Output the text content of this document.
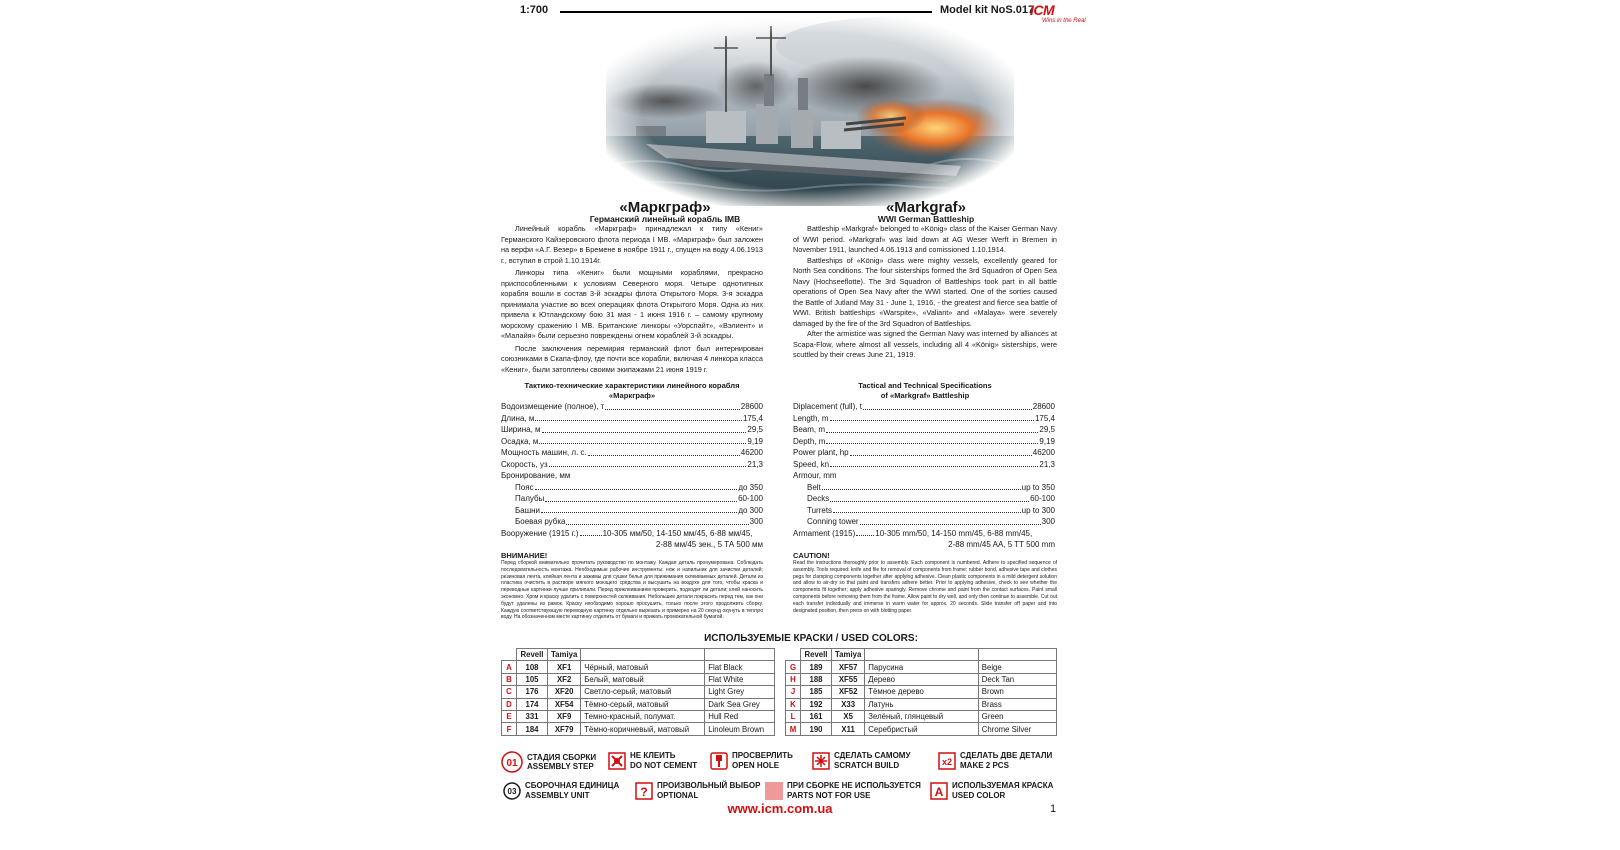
1:700	Model kit NoS.017
ICM
Wins in the Real
«Маркграф»
Германский линейный корабль IМВ

Линейный корабль «Маркграф» принадлежал к типу «Кениг» Германского Кайзеровского флота периода I МВ. «Маркграф» был заложен на верфи «А.Г. Везер» в Бремене в ноябре 1911 г., спущен на воду 4.06.1913 г., вступил в строй 1.10.1914г.

Линкоры типа «Кениг» были мощными кораблями, прекрасно приспособленными к условиям Северного моря. Четыре однотипных корабля вошли в состав 3-й эскадры флота Открытого Моря. 3-я эскадра принимала участие во всех операциях флота Открытого Моря. Одна из них привела к Ютландскому бою 31 мая - 1 июня 1916 г. – самому крупному морскому сражению I МВ. Британские линкоры «Уорспайт», «Вэлиент» и «Малайя» были серьезно повреждены огнем кораблей 3-й эскадры.

После заключения перемирия германский флот был интернирован союзниками в Скапа-флоу, где почти все корабли, включая 4 линкора класса «Кениг», были затоплены своими экипажами 21 июня 1919 г.

Тактико-технические характеристики линейного корабля
«Маркграф»
Водоизмещение (полное), т	28600
Длина, м	175,4
Ширина, м	29,5
Осадка, м	9,19
Мощность машин, л. с.	46200
Скорость, уз	21,3
Бронирование, мм
Пояс	до 350
Палубы	60-100
Башни	до 300
Боевая рубка	300
Вооружение (1915 г.)	10-305 мм/50, 14-150 мм/45, 6-88 мм/45,
2-88 мм/45 зен., 5 ТА 500 мм
ВНИМАНИЕ!
Перед сборкой внимательно прочитать руководство по монтажу. Каждая деталь пронумерована. Соблюдать последовательность монтажа. Необходимые рабочие инструменты: нож и напильник для зачистки деталей; резиновая лента, клейкая лента и зажимы для сушки белья для прижимания склеиваемых деталей. Детали из пластика очистить в растворе мягкого моющего средства и высушить на воздухе для того, чтобы краска и переводные картинки лучше прилипали. Перед приклеиванием проверить, подходят ли детали; клей наносить экономно. Хром и краску удалить с поверхностей склеивания. Небольшие детали покрасить перед тем, как они будут удалены из рамок. Краску необходимо хорошо просушить, только после этого продолжить сборку. Каждую соответствующую переводную картинку отдельно вырезать и примерно на 20 секунд окунуть в теплую воду. На обозначенном месте картинку отделить от бумаги и прижать промокательной бумагой.
«Markgraf»
WWI German Battleship

Battleship «Markgraf» belonged to «König» class of the Kaiser German Navy of WWI period. «Markgraf» was laid down at AG Weser Werft in Bremen in November 1911, launched 4.06.1913 and comissioned 1.10.1914.

Battleships of «König» class were mighty vessels, excellently geared for North Sea conditions. The four sisterships formed the 3rd Squadron of Open Sea Navy (Hochseeflotte). The 3rd Squadron of Battleships took part in all battle operations of Open Sea Navy after the WWI started. One of the sorties caused the Battle of Jutland May 31 - June 1, 1916, - the greatest and fierce sea battle of WWI. British battleships «Warspite», «Valiant» and «Malaya» were severely damaged by the fire of the 3rd Squadron of Battleships.

After the armistice was signed the German Navy was interned by alliances at Scapa-Flow, where almost all vessels, including all 4 «König» sisterships, were scuttled by their crews June 21, 1919.

Tactical and Technical Specifications
of «Markgraf» Battleship
Diplacement (full), t	28600
Length, m	175,4
Beam, m	29,5
Depth, m	9,19
Power plant, hp	46200
Speed, kn	21,3
Armour, mm
Belt	up to 350
Decks	60-100
Turrets	up to 300
Conning tower	300
Armament (1915)	10-305 mm/50, 14-150 mm/45, 6-88 mm/45,
2-88 mm/45 AA, 5 TT 500 mm
CAUTION!
Read the instructions thoroughly prior to assembly. Each component is numbered. Adhere to specified sequence of assembly. Tools required: knife and file for removal of components from frame; rubber bond, adhesive tape and clothes pegs for clamping components together after applying adhesive. Clean plastic components in a mild detergent solution and allow to air-dry so that paint and transfers adhere better. Prior to applying adhesive, check to see whether the components fit together; apply adhesive sparingly. Remove chrome and paint from the contact surfaces. Paint small components before removing them from the frame. Allow paint to dry well, and only then continue to assemble. Cut out each transfer individually and immerse in warm water for approx. 20 seconds. Slide transfer off paper and into designated position, then press on with blotting paper.
ИСПОЛЬЗУЕМЫЕ КРАСКИ / USED COLORS:
	Revell	Tamiya		
A	108	XF1	Чёрный, матовый	Flat Black
B	105	XF2	Белый, матовый	Flat White
C	176	XF20	Светло-серый, матовый	Light Grey
D	174	XF54	Тёмно-серый, матовый	Dark Sea Grey
E	331	XF9	Темно-красный, полумат.	Hull Red
F	184	XF79	Тёмно-коричневый, матовый	Linoleum Brown
	Revell	Tamiya		
G	189	XF57	Парусина	Beige
H	188	XF55	Дерево	Deck Tan
J	185	XF52	Тёмное дерево	Brown
K	192	X33	Латунь	Brass
L	161	X5	Зелёный, глянцевый	Green
M	190	X11	Серебристый	Chrome Silver
01
СТАДИЯ СБОРКИ
ASSEMBLY STEP
НЕ КЛЕИТЬ
DO NOT CEMENT
ПРОСВЕРЛИТЬ
OPEN HOLE
СДЕЛАТЬ САМОМУ
SCRATCH BUILD	x2
СДЕЛАТЬ ДВЕ ДЕТАЛИ
MAKE 2 PCS
03
СБОРОЧНАЯ ЕДИНИЦА
ASSEMBLY UNIT	? ПРОИЗВОЛЬНЫЙ ВЫБОР
OPTIONAL
ПРИ СБОРКЕ НЕ ИСПОЛЬЗУЕТСЯ
PARTS NOT FOR USE	A ИСПОЛЬЗУЕМАЯ КРАСКА
USED COLOR
www.icm.com.ua	1
